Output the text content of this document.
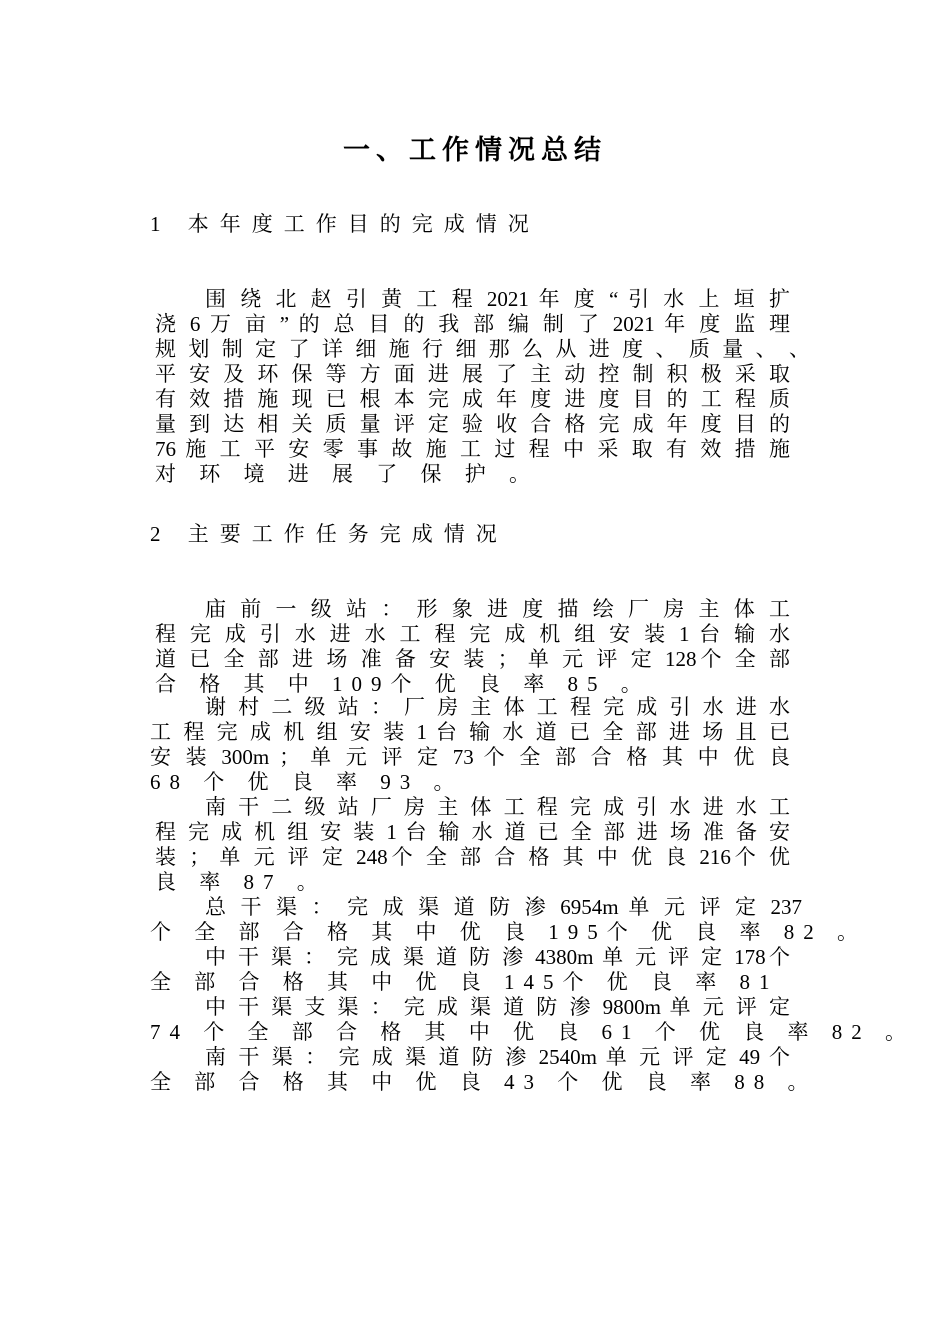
一、工作情况总结
1 本年度工作目的完成情况
围 绕 北 赵 引 黄 工 程 2021 年 度 “ 引 水 上 垣 扩
浇 6 万 亩 ” 的 总 目 的 我 部 编 制 了 2021 年 度 监 理
规 划 制 定 了 详 细 施 行 细 那 么 从 进 度 、 质 量 、 、
平 安 及 环 保 等 方 面 进 展 了 主 动 控 制 积 极 采 取
有 效 措 施 现 已 根 本 完 成 年 度 进 度 目 的 工 程 质
量 到 达 相 关 质 量 评 定 验 收 合 格 完 成 年 度 目 的
76 施 工 平 安 零 事 故 施 工 过 程 中 采 取 有 效 措 施
对 环 境 进 展 了 保 护 。
2 主要工作任务完成情况
庙 前 一 级 站 ： 形 象 进 度 描 绘 厂 房 主 体 工
程 完 成 引 水 进 水 工 程 完 成 机 组 安 装 1 台 输 水
道 已 全 部 进 场 准 备 安 装 ； 单 元 评 定 128个 全 部
合 格 其 中 109个 优 良 率 85 。
谢 村 二 级 站 ： 厂 房 主 体 工 程 完 成 引 水 进 水
工 程 完 成 机 组 安 装 1 台 输 水 道 已 全 部 进 场 且 已
安 装 300m ； 单 元 评 定 73 个 全 部 合 格 其 中 优 良
68 个 优 良 率 93 。
南 干 二 级 站 厂 房 主 体 工 程 完 成 引 水 进 水 工
程 完 成 机 组 安 装 1 台 输 水 道 已 全 部 进 场 准 备 安
装 ； 单 元 评 定 248个 全 部 合 格 其 中 优 良 216个 优
良 率 87 。
总 干 渠 ： 完 成 渠 道 防 渗 6954m 单 元 评 定 237
个 全 部 合 格 其 中 优 良 195个 优 良 率 82 。
中 干 渠 ： 完 成 渠 道 防 渗 4380m 单 元 评 定 178个
全 部 合 格 其 中 优 良 145个 优 良 率 81
中 干 渠 支 渠 ： 完 成 渠 道 防 渗 9800m 单 元 评 定
74 个 全 部 合 格 其 中 优 良 61 个 优 良 率 82 。
南 干 渠 ： 完 成 渠 道 防 渗 2540m 单 元 评 定 49 个
全 部 合 格 其 中 优 良 43 个 优 良 率 88 。
